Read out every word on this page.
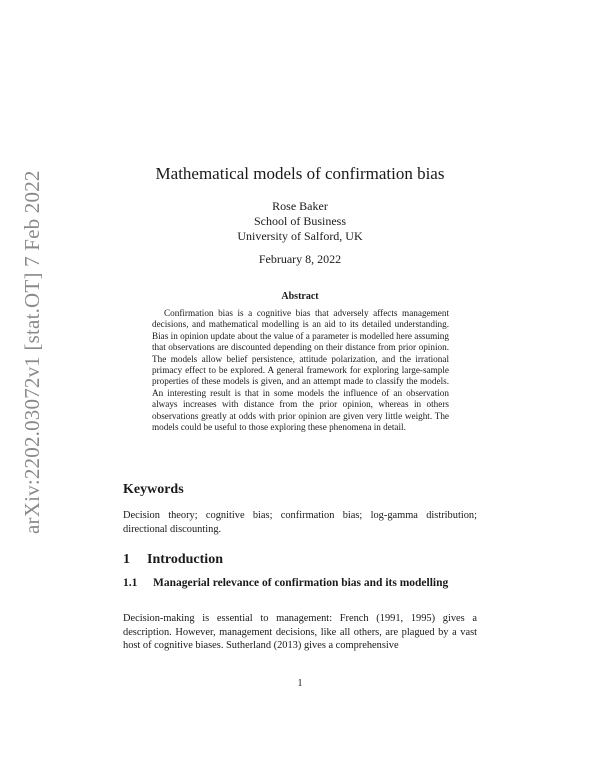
arXiv:2202.03072v1 [stat.OT] 7 Feb 2022	Mathematical models of confirmation bias
Rose Baker
School of Business
University of Salford, UK
February 8, 2022
Abstract
Confirmation bias is a cognitive bias that adversely affects management decisions, and mathematical modelling is an aid to its detailed understanding. Bias in opinion update about the value of a parameter is modelled here assuming that observations are discounted depending on their distance from prior opinion. The models allow belief persistence, attitude polarization, and the irrational primacy effect to be explored. A general framework for exploring large-sample properties of these models is given, and an attempt made to classify the models. An interesting result is that in some models the influence of an observation always increases with distance from the prior opinion, whereas in others observations greatly at odds with prior opinion are given very little weight. The models could be useful to those exploring these phenomena in detail.
Keywords
Decision theory; cognitive bias; confirmation bias; log-gamma distribution; directional discounting.
1 Introduction
1.1	Managerial relevance of confirmation bias and its modelling
Decision-making is essential to management: French (1991, 1995) gives a description. However, management decisions, like all others, are plagued by a vast host of cognitive biases. Sutherland (2013) gives a comprehensive
1
